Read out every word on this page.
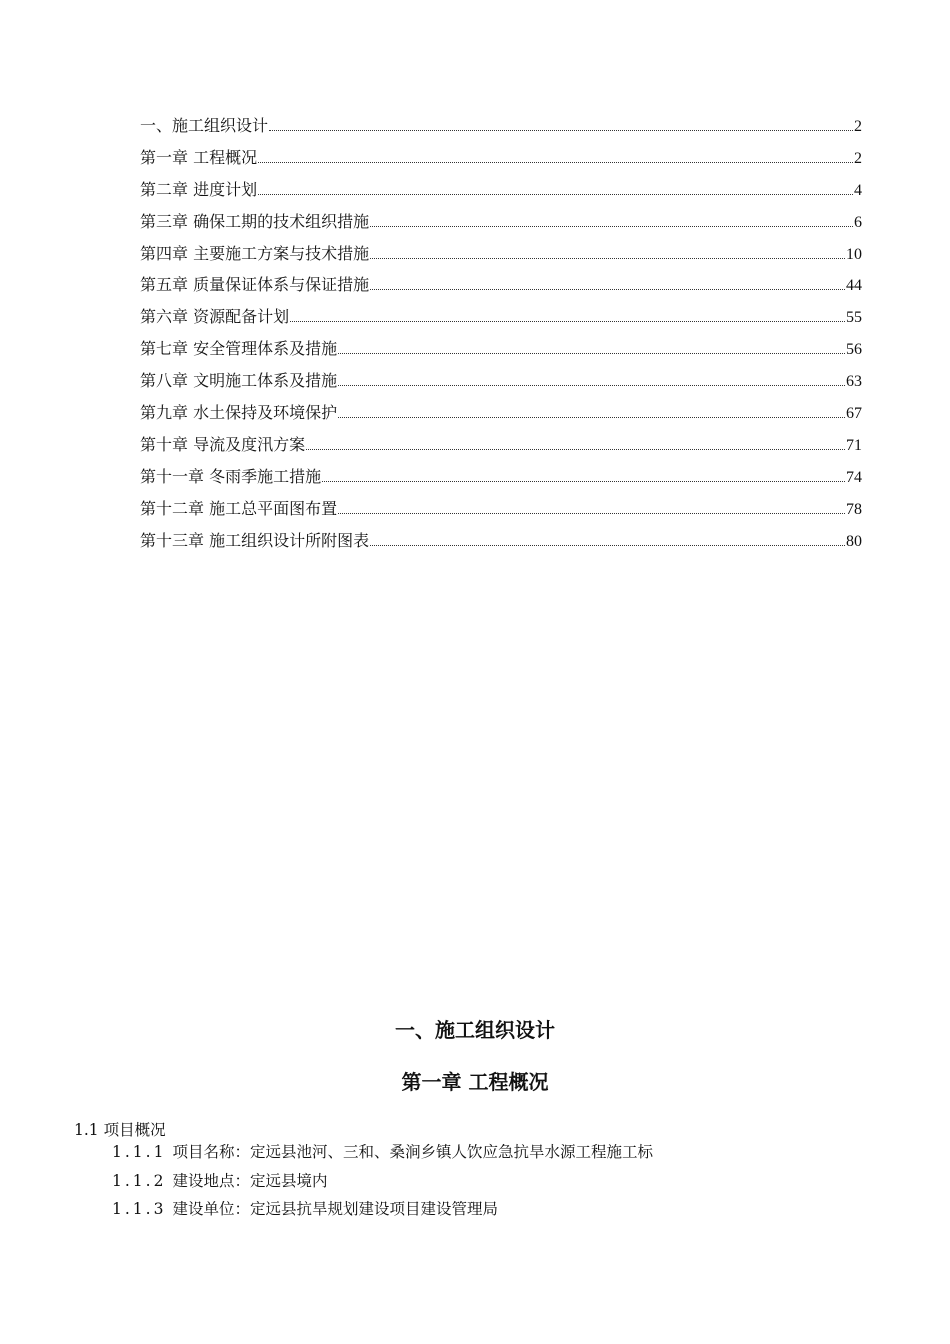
一、施工组织设计	2
第一章 工程概况	2
第二章 进度计划	4
第三章 确保工期的技术组织措施	6
第四章 主要施工方案与技术措施	10
第五章 质量保证体系与保证措施	44
第六章 资源配备计划	55
第七章 安全管理体系及措施	56
第八章 文明施工体系及措施	63
第九章 水土保持及环境保护	67
第十章 导流及度汛方案	71
第十一章 冬雨季施工措施	74
第十二章 施工总平面图布置	78
第十三章 施工组织设计所附图表	80
一、施工组织设计
第一章 工程概况

1.1 项目概况

1.1.1 项目名称：定远县池河、三和、桑涧乡镇人饮应急抗旱水源工程施工标
1.1.2 建设地点：定远县境内
1.1.3 建设单位：定远县抗旱规划建设项目建设管理局
